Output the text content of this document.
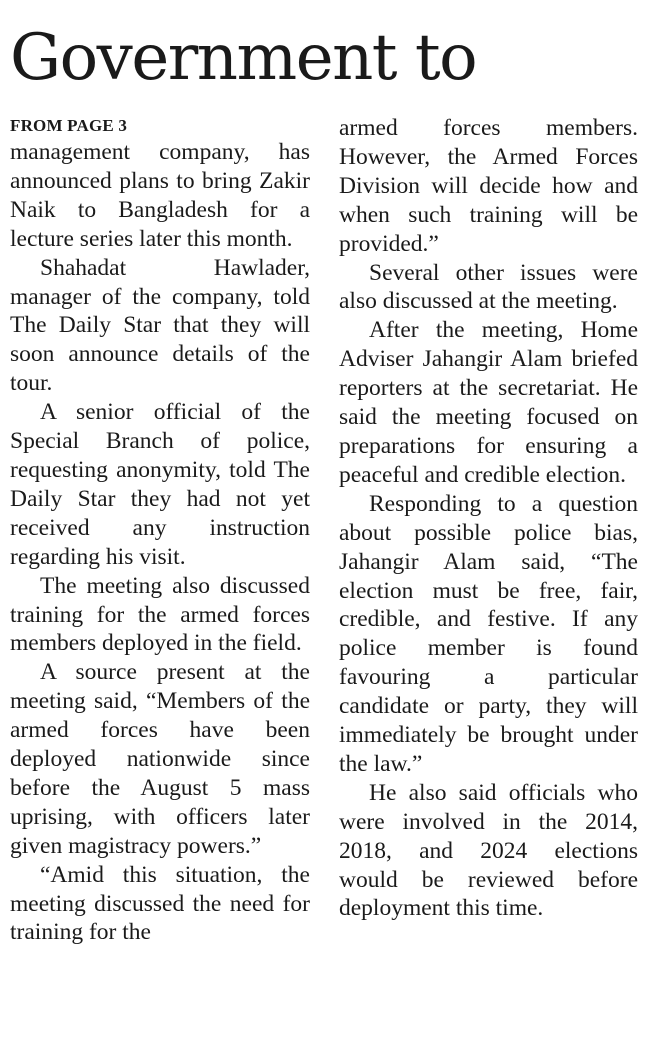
Government to

FROM PAGE 3

management company, has announced plans to bring Zakir Naik to Bangladesh for a lecture series later this month.

Shahadat Hawlader, manager of the company, told The Daily Star that they will soon announce details of the tour.

A senior official of the Special Branch of police, requesting anonymity, told The Daily Star they had not yet received any instruction regarding his visit.

The meeting also discussed training for the armed forces members deployed in the field.

A source present at the meeting said, “Members of the armed forces have been deployed nationwide since before the August 5 mass uprising, with officers later given magistracy powers.”

“Amid this situation, the meeting discussed the need for training for the

armed forces members. However, the Armed Forces Division will decide how and when such training will be provided.”

Several other issues were also discussed at the meeting.

After the meeting, Home Adviser Jahangir Alam briefed reporters at the secretariat. He said the meeting focused on preparations for ensuring a peaceful and credible election.

Responding to a question about possible police bias, Jahangir Alam said, “The election must be free, fair, credible, and festive. If any police member is found favouring a particular candidate or party, they will immediately be brought under the law.”

He also said officials who were involved in the 2014, 2018, and 2024 elections would be reviewed before deployment this time.
